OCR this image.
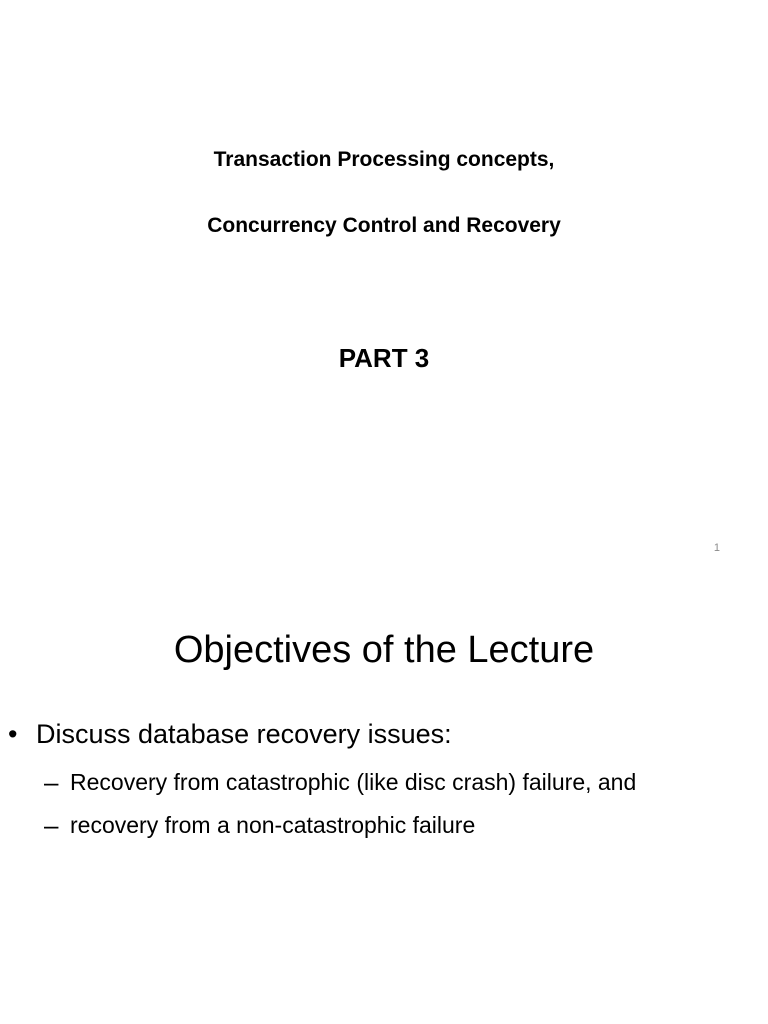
Transaction Processing concepts,
Concurrency Control and Recovery
PART 3
1
Objectives of the Lecture
• Discuss database recovery issues:
– Recovery from catastrophic (like disc crash) failure, and
– recovery from a non-catastrophic failure
